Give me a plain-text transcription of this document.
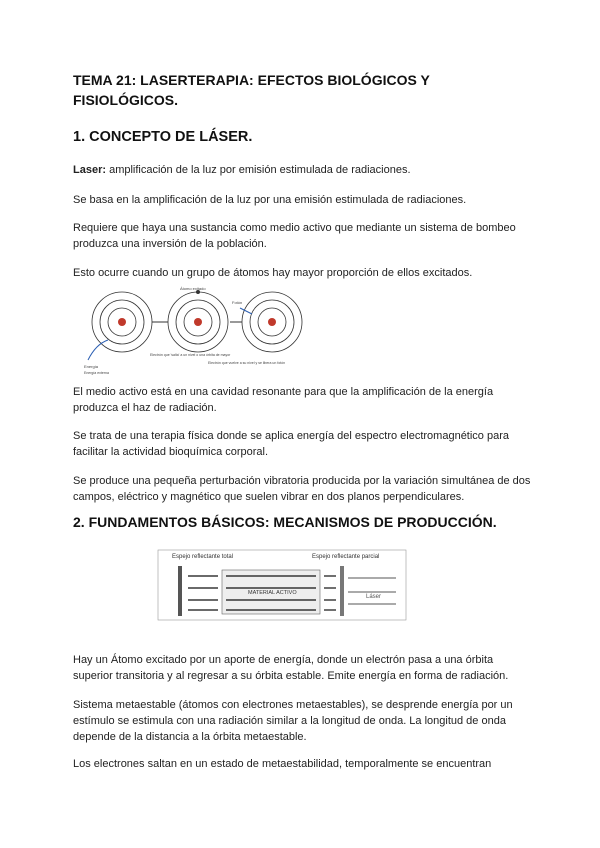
TEMA 21: LASERTERAPIA: EFECTOS BIOLÓGICOS Y FISIOLÓGICOS.
1. CONCEPTO DE LÁSER.

Laser: amplificación de la luz por emisión estimulada de radiaciones.

Se basa en la amplificación de la luz por una emisión estimulada de radiaciones.

Requiere que haya una sustancia como medio activo que mediante un sistema de bombeo produzca una inversión de la población.

Esto ocurre cuando un grupo de átomos hay mayor proporción de ellos excitados.

Átomo exitado
Fotón
Energía
Electrón que 'salta' a un nivel o una órbita de mayor
Energía externa
Electrón que vuelve a su nivel y se libera un fotón

El medio activo está en una cavidad resonante para que la amplificación de la energía produzca el haz de radiación.

Se trata de una terapia física donde se aplica energía del espectro electromagnético para facilitar la actividad bioquímica corporal.

Se produce una pequeña perturbación vibratoria producida por la variación simultánea de dos campos, eléctrico y magnético que suelen vibrar en dos planos perpendiculares.

2. FUNDAMENTOS BÁSICOS: MECANISMOS DE PRODUCCIÓN.
Espejo reflectante total	Espejo reflectante parcial
MATERIAL ACTIVO
Láser

Hay un Átomo excitado por un aporte de energía, donde un electrón pasa a una órbita superior transitoria y al regresar a su órbita estable. Emite energía en forma de radiación.

Sistema metaestable (átomos con electrones metaestables), se desprende energía por un estímulo se estimula con una radiación similar a la longitud de onda. La longitud de onda depende de la distancia a la órbita metaestable.

Los electrones saltan en un estado de metaestabilidad, temporalmente se encuentran
